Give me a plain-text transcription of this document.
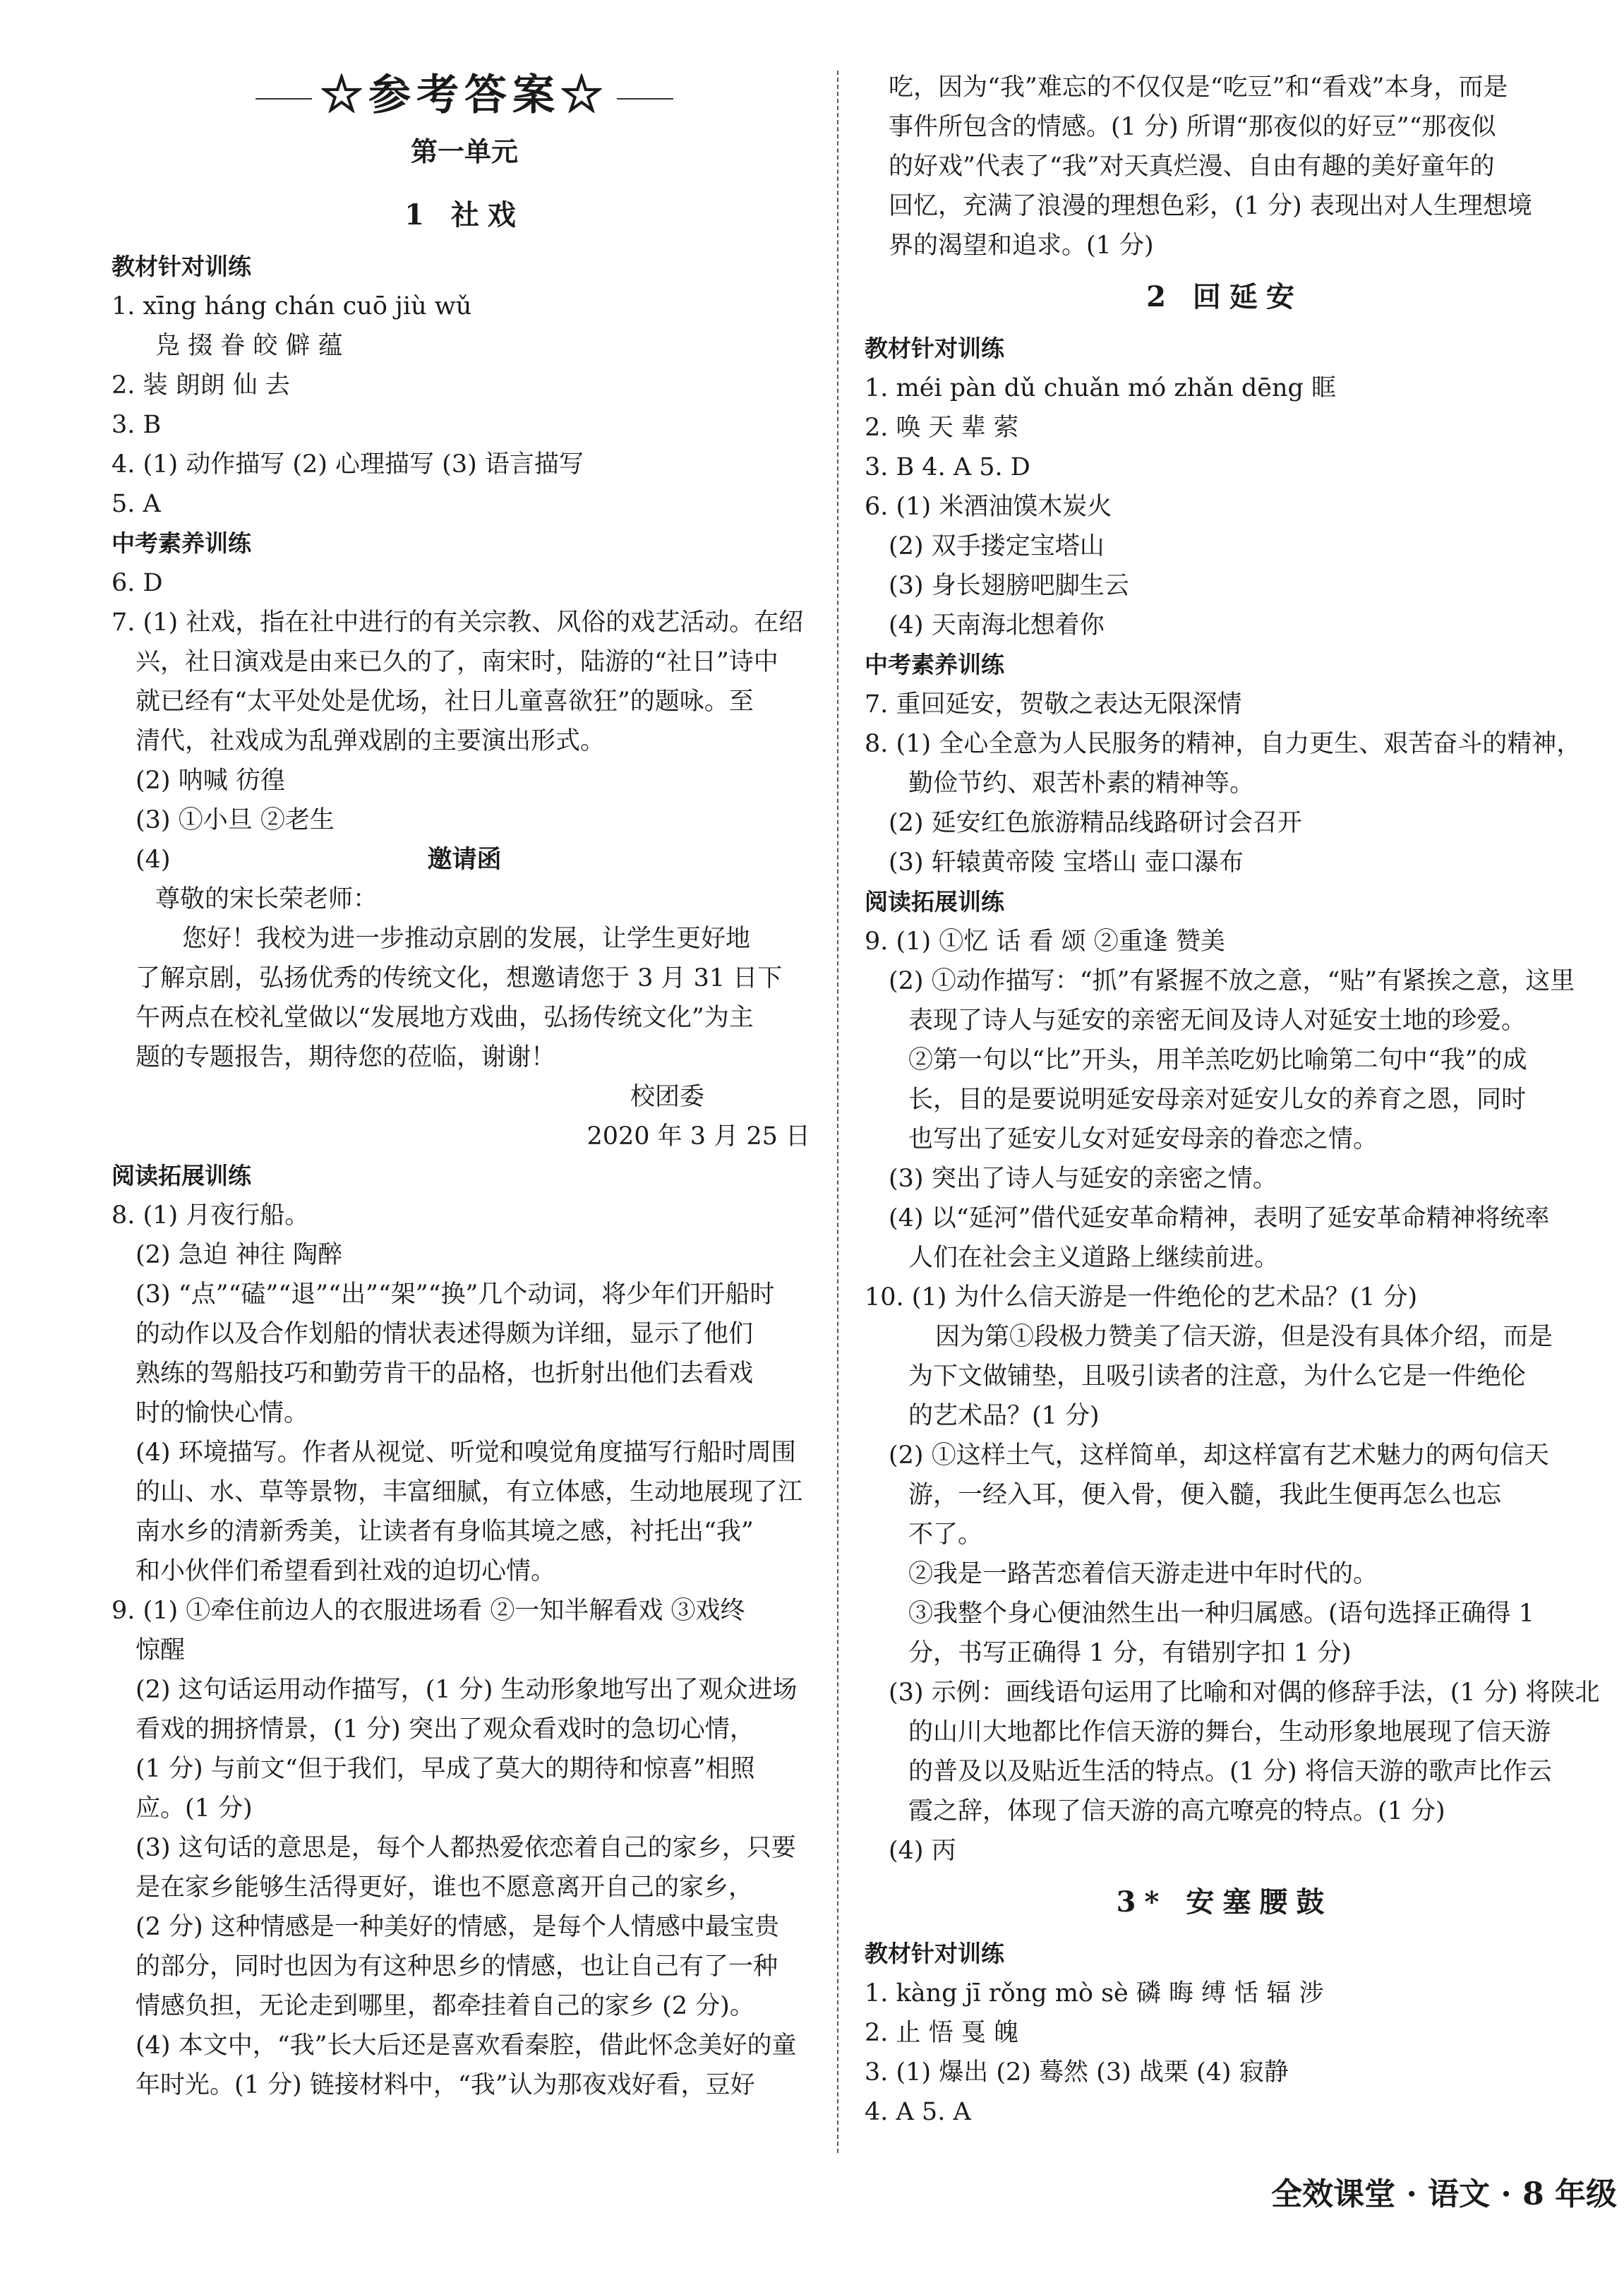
☆参考答案☆
第一单元
1 社戏
教材针对训练
1. xīng háng chán cuō jiù wǔ
凫 掇 眷 皎 僻 蕴
2. 装 朗朗 仙 去
3. B
4. (1) 动作描写 (2) 心理描写 (3) 语言描写
5. A
中考素养训练
6. D
7. (1) 社戏，指在社中进行的有关宗教、风俗的戏艺活动。在绍
兴，社日演戏是由来已久的了，南宋时，陆游的“社日”诗中
就已经有“太平处处是优场，社日儿童喜欲狂”的题咏。至
清代，社戏成为乱弹戏剧的主要演出形式。
(2) 呐喊 彷徨
(3) ①小旦 ②老生
(4)	邀请函
尊敬的宋长荣老师：
您好！我校为进一步推动京剧的发展，让学生更好地
了解京剧，弘扬优秀的传统文化，想邀请您于 3 月 31 日下
午两点在校礼堂做以“发展地方戏曲，弘扬传统文化”为主
题的专题报告，期待您的莅临，谢谢！
校团委
2020 年 3 月 25 日
阅读拓展训练
8. (1) 月夜行船。
(2) 急迫 神往 陶醉
(3) “点”“磕”“退”“出”“架”“换”几个动词，将少年们开船时
的动作以及合作划船的情状表述得颇为详细，显示了他们
熟练的驾船技巧和勤劳肯干的品格，也折射出他们去看戏
时的愉快心情。
(4) 环境描写。作者从视觉、听觉和嗅觉角度描写行船时周围
的山、水、草等景物，丰富细腻，有立体感，生动地展现了江
南水乡的清新秀美，让读者有身临其境之感，衬托出“我”
和小伙伴们希望看到社戏的迫切心情。
9. (1) ①牵住前边人的衣服进场看 ②一知半解看戏 ③戏终
惊醒
(2) 这句话运用动作描写，(1 分) 生动形象地写出了观众进场
看戏的拥挤情景，(1 分) 突出了观众看戏时的急切心情，
(1 分) 与前文“但于我们，早成了莫大的期待和惊喜”相照
应。(1 分)
(3) 这句话的意思是，每个人都热爱依恋着自己的家乡，只要
是在家乡能够生活得更好，谁也不愿意离开自己的家乡，
(2 分) 这种情感是一种美好的情感，是每个人情感中最宝贵
的部分，同时也因为有这种思乡的情感，也让自己有了一种
情感负担，无论走到哪里，都牵挂着自己的家乡 (2 分)。
(4) 本文中，“我”长大后还是喜欢看秦腔，借此怀念美好的童
年时光。(1 分) 链接材料中，“我”认为那夜戏好看，豆好
吃，因为“我”难忘的不仅仅是“吃豆”和“看戏”本身，而是
事件所包含的情感。(1 分) 所谓“那夜似的好豆”“那夜似
的好戏”代表了“我”对天真烂漫、自由有趣的美好童年的
回忆，充满了浪漫的理想色彩，(1 分) 表现出对人生理想境
界的渴望和追求。(1 分)
2 回延安
教材针对训练
1. méi pàn dǔ chuǎn mó zhǎn dēng 眶
2. 唤 天 辈 萦
3. B 4. A 5. D
6. (1) 米酒油馍木炭火
(2) 双手搂定宝塔山
(3) 身长翅膀吧脚生云
(4) 天南海北想着你
中考素养训练
7. 重回延安，贺敬之表达无限深情
8. (1) 全心全意为人民服务的精神，自力更生、艰苦奋斗的精神，
勤俭节约、艰苦朴素的精神等。
(2) 延安红色旅游精品线路研讨会召开
(3) 轩辕黄帝陵 宝塔山 壶口瀑布
阅读拓展训练
9. (1) ①忆 话 看 颂 ②重逢 赞美
(2) ①动作描写：“抓”有紧握不放之意，“贴”有紧挨之意，这里
表现了诗人与延安的亲密无间及诗人对延安土地的珍爱。
②第一句以“比”开头，用羊羔吃奶比喻第二句中“我”的成
长，目的是要说明延安母亲对延安儿女的养育之恩，同时
也写出了延安儿女对延安母亲的眷恋之情。
(3) 突出了诗人与延安的亲密之情。
(4) 以“延河”借代延安革命精神，表明了延安革命精神将统率
人们在社会主义道路上继续前进。
10. (1) 为什么信天游是一件绝伦的艺术品？(1 分)
因为第①段极力赞美了信天游，但是没有具体介绍，而是
为下文做铺垫，且吸引读者的注意，为什么它是一件绝伦
的艺术品？(1 分)
(2) ①这样土气，这样简单，却这样富有艺术魅力的两句信天
游，一经入耳，便入骨，便入髓，我此生便再怎么也忘
不了。
②我是一路苦恋着信天游走进中年时代的。
③我整个身心便油然生出一种归属感。(语句选择正确得 1
分，书写正确得 1 分，有错别字扣 1 分)
(3) 示例：画线语句运用了比喻和对偶的修辞手法，(1 分) 将陕北
的山川大地都比作信天游的舞台，生动形象地展现了信天游
的普及以及贴近生活的特点。(1 分) 将信天游的歌声比作云
霞之辞，体现了信天游的高亢嘹亮的特点。(1 分)
(4) 丙
3* 安塞腰鼓
教材针对训练
1. kàng jī rǒng mò sè 磷 晦 缚 恬 辐 涉
2. 止 悟 戛 魄
3. (1) 爆出 (2) 蓦然 (3) 战栗 (4) 寂静
4. A 5. A
全效课堂 · 语文 · 8 年级
